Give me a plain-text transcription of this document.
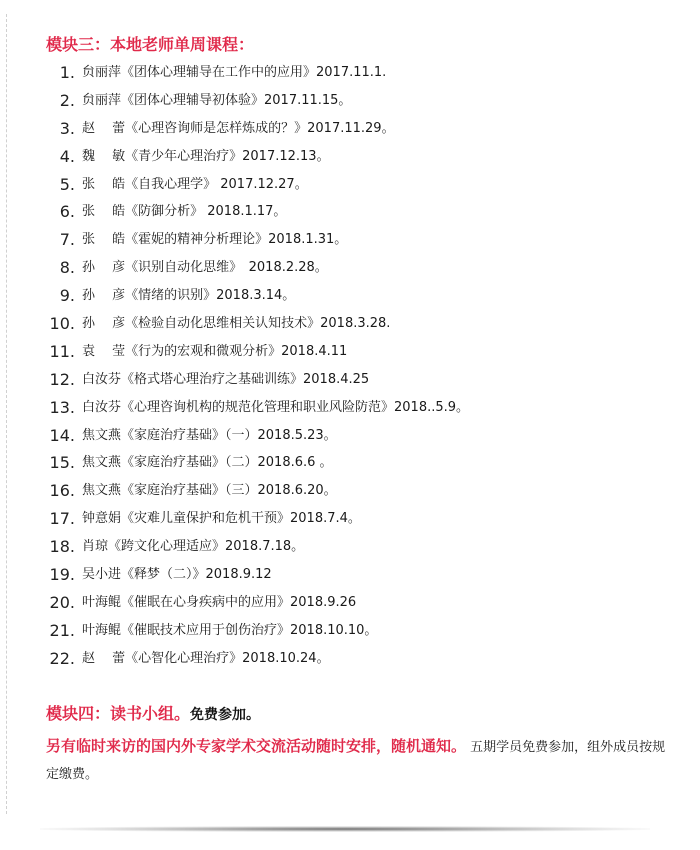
模块三：本地老师单周课程：
1. 贠丽萍《团体心理辅导在工作中的应用》2017.11.1.
2. 贠丽萍《团体心理辅导初体验》2017.11.15。
3. 赵　 蕾《心理咨询师是怎样炼成的？》2017.11.29。
4. 魏　 敏《青少年心理治疗》2017.12.13。
5. 张　 皓《自我心理学》 2017.12.27。
6. 张　 皓《防御分析》 2018.1.17。
7. 张　 皓《霍妮的精神分析理论》2018.1.31。
8. 孙　 彦《识别自动化思维》　2018.2.28。
9. 孙　 彦《情绪的识别》2018.3.14。
10. 孙　 彦《检验自动化思维相关认知技术》2018.3.28.
11. 袁　 莹《行为的宏观和微观分析》2018.4.11
12. 白汝芬《格式塔心理治疗之基础训练》2018.4.25
13. 白汝芬《心理咨询机构的规范化管理和职业风险防范》2018..5.9。
14. 焦文燕《家庭治疗基础》（一）2018.5.23。
15. 焦文燕《家庭治疗基础》（二）2018.6.6 。
16. 焦文燕《家庭治疗基础》（三）2018.6.20。
17. 钟意娟《灾难儿童保护和危机干预》2018.7.4。
18. 肖琼《跨文化心理适应》2018.7.18。
19. 吴小进《释梦（二）》2018.9.12
20. 叶海鲲《催眠在心身疾病中的应用》2018.9.26
21. 叶海鲲《催眠技术应用于创伤治疗》2018.10.10。
22. 赵　 蕾《心智化心理治疗》2018.10.24。
模块四：读书小组。免费参加。
另有临时来访的国内外专家学术交流活动随时安排，随机通知。 五期学员免费参加，组外成员按规定缴费。
